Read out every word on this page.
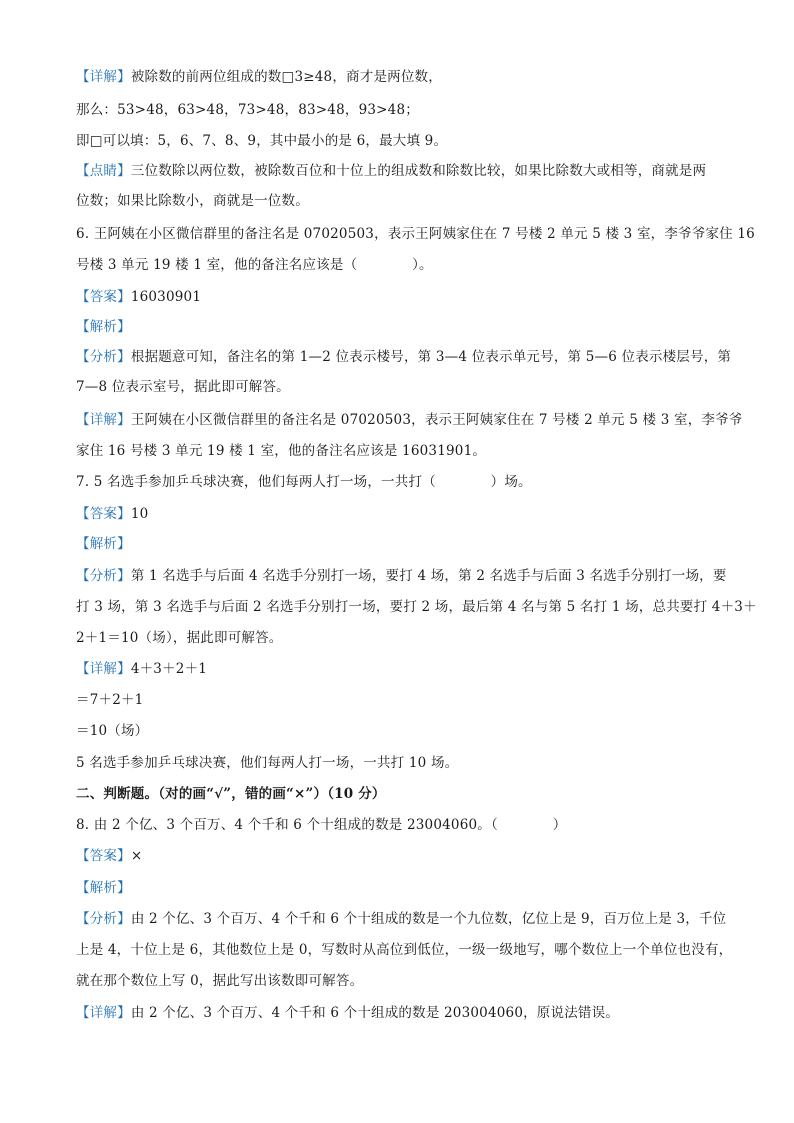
【详解】被除数的前两位组成的数□3≥48，商才是两位数，
那么：53>48，63>48，73>48，83>48，93>48；
即□可以填：5，6、7、8、9，其中最小的是 6，最大填 9。
【点睛】三位数除以两位数，被除数百位和十位上的组成数和除数比较，如果比除数大或相等，商就是两
位数；如果比除数小，商就是一位数。
6. 王阿姨在小区微信群里的备注名是 07020503，表示王阿姨家住在 7 号楼 2 单元 5 楼 3 室，李爷爷家住 16
号楼 3 单元 19 楼 1 室，他的备注名应该是（　　　　）。
【答案】16030901
【解析】
【分析】根据题意可知，备注名的第 1—2 位表示楼号，第 3—4 位表示单元号，第 5—6 位表示楼层号，第
7—8 位表示室号，据此即可解答。
【详解】王阿姨在小区微信群里的备注名是 07020503，表示王阿姨家住在 7 号楼 2 单元 5 楼 3 室，李爷爷
家住 16 号楼 3 单元 19 楼 1 室，他的备注名应该是 16031901。
7. 5 名选手参加乒乓球决赛，他们每两人打一场，一共打（　　　　）场。
【答案】10
【解析】
【分析】第 1 名选手与后面 4 名选手分别打一场，要打 4 场，第 2 名选手与后面 3 名选手分别打一场，要
打 3 场，第 3 名选手与后面 2 名选手分别打一场，要打 2 场，最后第 4 名与第 5 名打 1 场，总共要打 4＋3＋
2＋1＝10（场），据此即可解答。
【详解】4＋3＋2＋1
＝7＋2＋1
＝10（场）
5 名选手参加乒乓球决赛，他们每两人打一场，一共打 10 场。
二、判断题。（对的画“√”，错的画“×”）（10 分）
8. 由 2 个亿、3 个百万、4 个千和 6 个十组成的数是 23004060。（　　　　）
【答案】×
【解析】
【分析】由 2 个亿、3 个百万、4 个千和 6 个十组成的数是一个九位数，亿位上是 9，百万位上是 3，千位
上是 4，十位上是 6，其他数位上是 0，写数时从高位到低位，一级一级地写，哪个数位上一个单位也没有，
就在那个数位上写 0，据此写出该数即可解答。
【详解】由 2 个亿、3 个百万、4 个千和 6 个十组成的数是 203004060，原说法错误。
